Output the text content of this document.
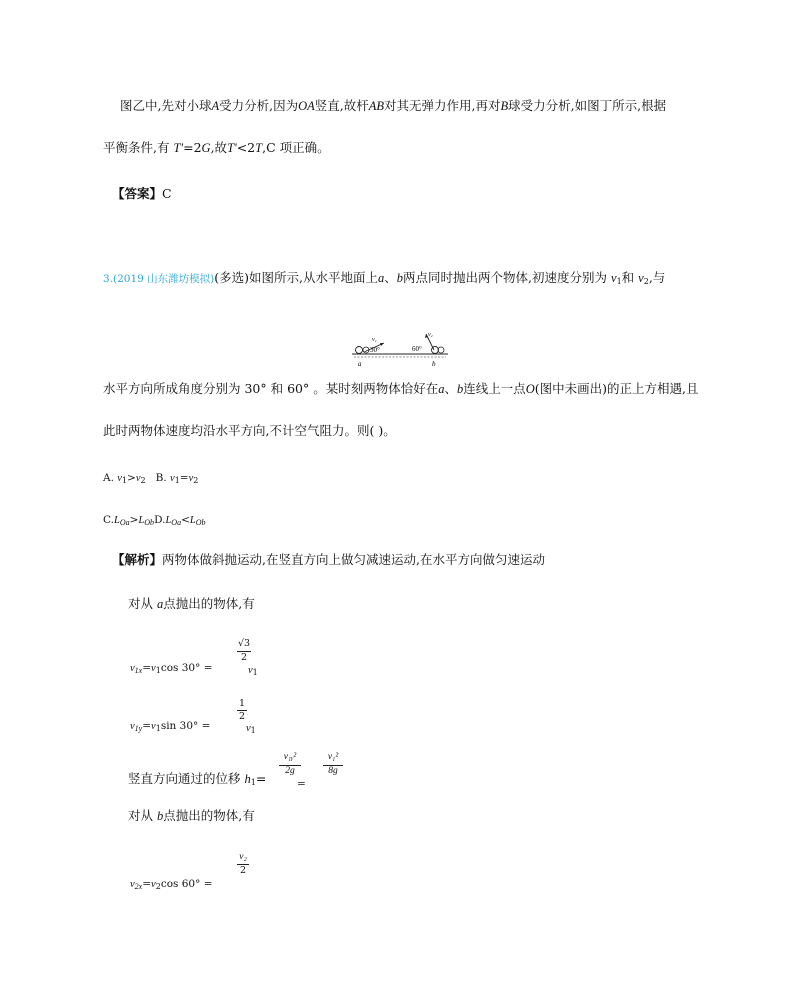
图乙中,先对小球A受力分析,因为OA竖直,故杆AB对其无弹力作用,再对B球受力分析,如图丁所示,根据
平衡条件,有 T'=2G,故T'<2T,C 项正确。
【答案】C
3.(2019 山东潍坊模拟)(多选)如图所示,从水平地面上a、b两点同时抛出两个物体,初速度分别为 $v_1$和 $v_2$,与
v₁
30°
v₂
60°
a	b
水平方向所成角度分别为 30° 和 60° 。某时刻两物体恰好在a、b连线上一点O(图中未画出)的正上方相遇,且
此时两物体速度均沿水平方向,不计空气阻力。则( )。
A. $v_1>v_2$ B. $v_1=v_2$
$C.L_{Oa}>L_{Ob}D.L_{Oa}<L_{Ob}$
【解析】两物体做斜抛运动,在竖直方向上做匀减速运动,在水平方向做匀速运动
对从 a点抛出的物体,有
$v_{1x}=v_1\cos$ 30° =
√3
2
$v_1$
$v_{1y}=v_1\sin$ 30° =
1
2
$v_1$
竖直方向通过的位移 $h_1=$
v₁ᵧ²
2g
=
v₁²
8g
对从 b点抛出的物体,有
$v_{2x}=v_2\cos$ 60° =
v₂
2
